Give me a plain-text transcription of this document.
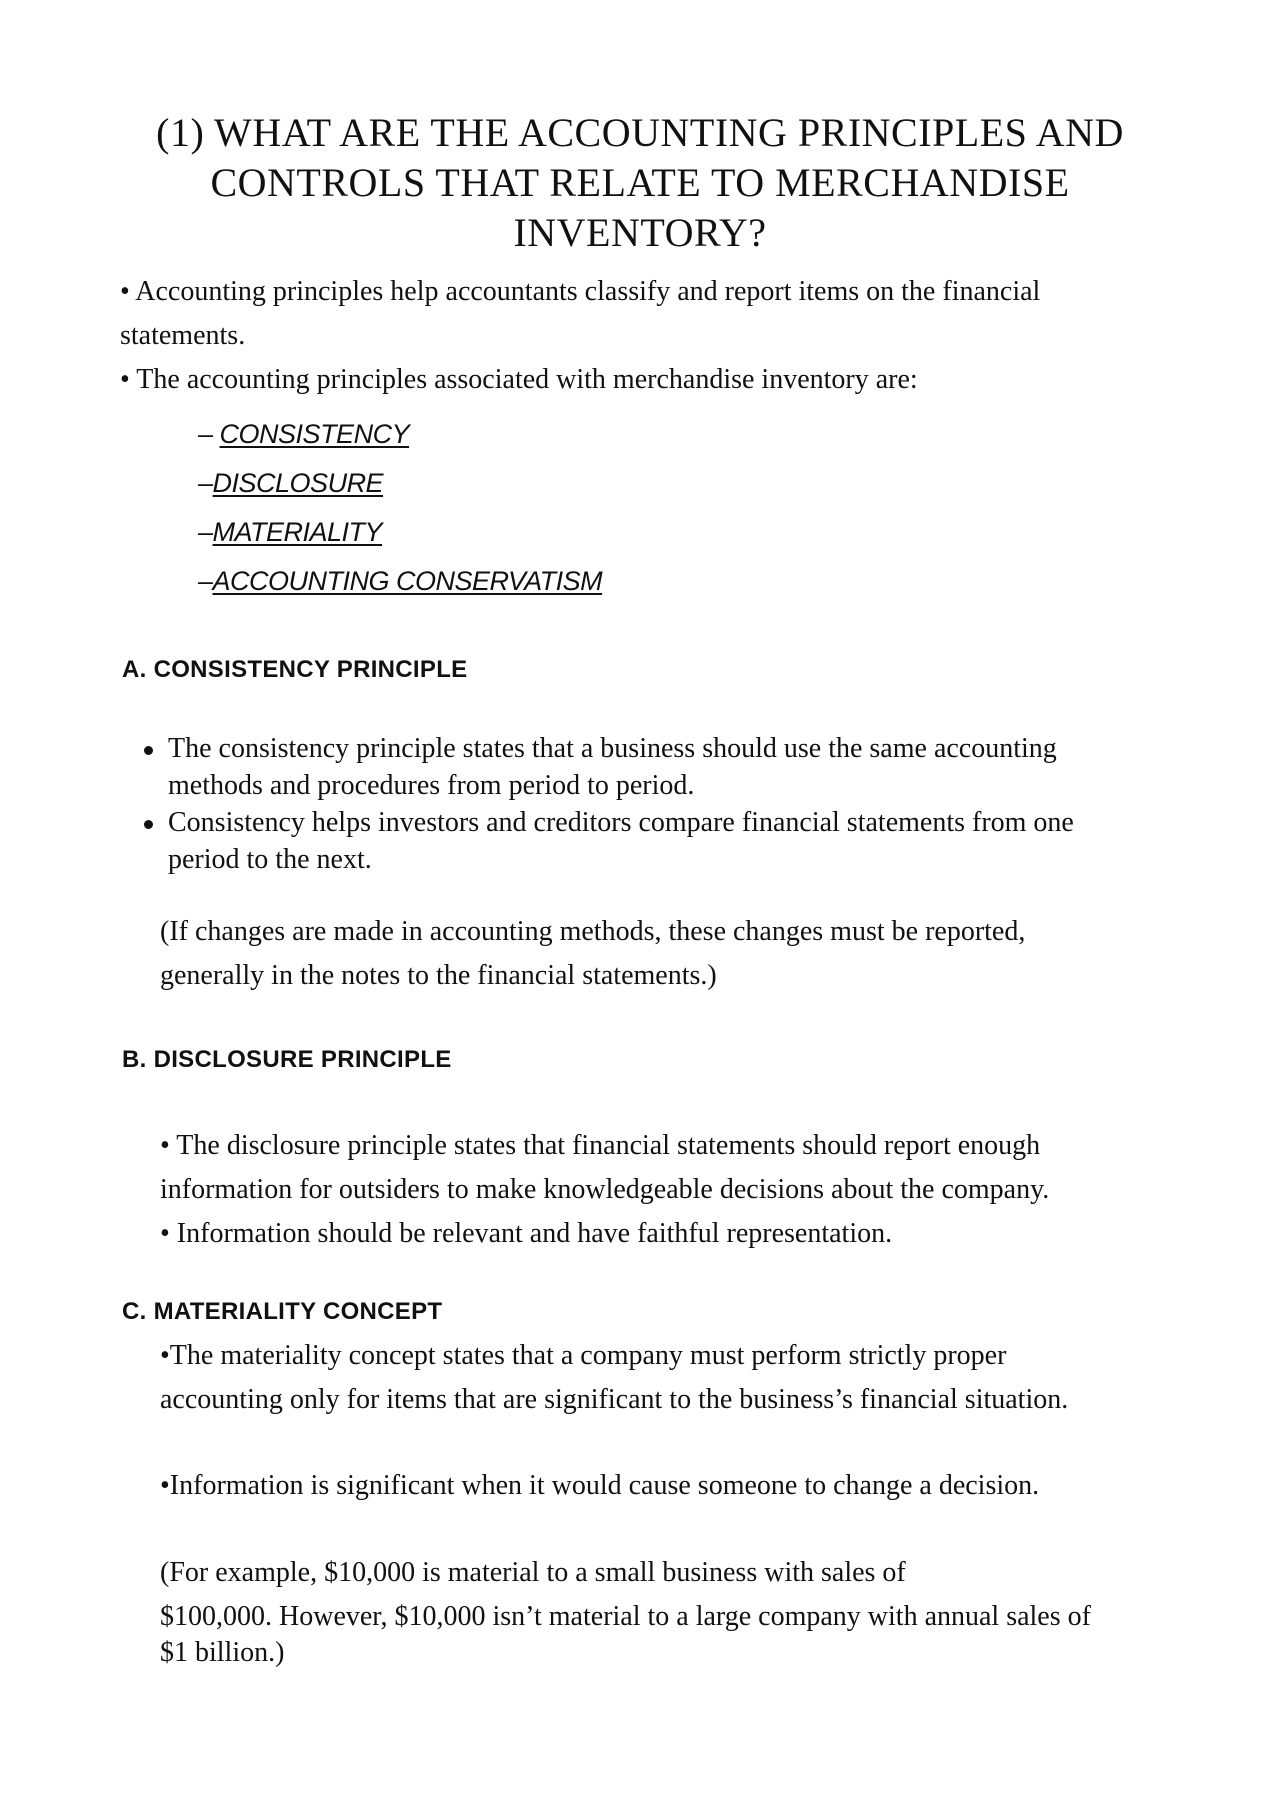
(1) WHAT ARE THE ACCOUNTING PRINCIPLES AND
CONTROLS THAT RELATE TO MERCHANDISE
INVENTORY?
• Accounting principles help accountants classify and report items on the financial
statements.
• The accounting principles associated with merchandise inventory are:
– CONSISTENCY
–DISCLOSURE
–MATERIALITY
–ACCOUNTING CONSERVATISM
A. CONSISTENCY PRINCIPLE
The consistency principle states that a business should use the same accounting
methods and procedures from period to period.
Consistency helps investors and creditors compare financial statements from one
period to the next.
(If changes are made in accounting methods, these changes must be reported,
generally in the notes to the financial statements.)
B. DISCLOSURE PRINCIPLE
• The disclosure principle states that financial statements should report enough
information for outsiders to make knowledgeable decisions about the company.
• Information should be relevant and have faithful representation.
C. MATERIALITY CONCEPT
•The materiality concept states that a company must perform strictly proper
accounting only for items that are significant to the business’s financial situation.
•Information is significant when it would cause someone to change a decision.
(For example, $10,000 is material to a small business with sales of
$100,000. However, $10,000 isn’t material to a large company with annual sales of
$1 billion.)
